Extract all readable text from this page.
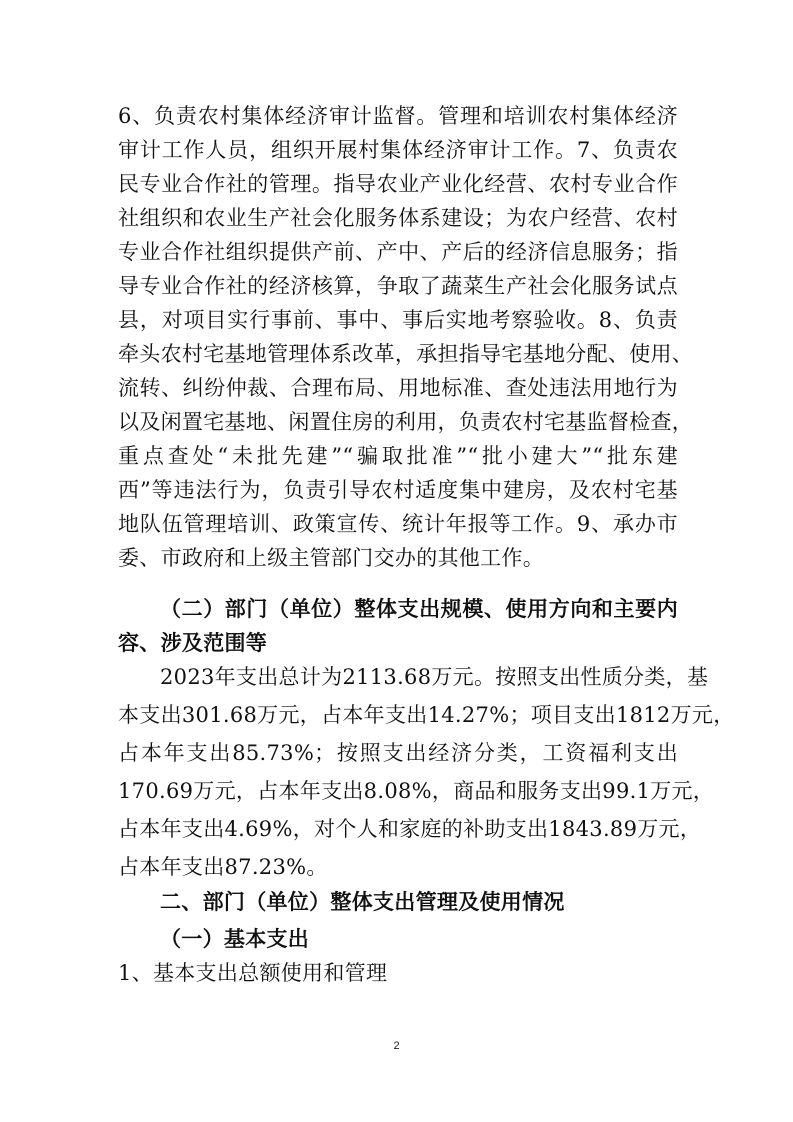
6、负责农村集体经济审计监督。管理和培训农村集体经济
审计工作人员，组织开展村集体经济审计工作。7、负责农
民专业合作社的管理。指导农业产业化经营、农村专业合作
社组织和农业生产社会化服务体系建设；为农户经营、农村
专业合作社组织提供产前、产中、产后的经济信息服务；指
导专业合作社的经济核算，争取了蔬菜生产社会化服务试点
县，对项目实行事前、事中、事后实地考察验收。8、负责
牵头农村宅基地管理体系改革，承担指导宅基地分配、使用、
流转、纠纷仲裁、合理布局、用地标准、查处违法用地行为
以及闲置宅基地、闲置住房的利用，负责农村宅基监督检查，
重点查处“未批先建”“骗取批准”“批小建大”“批东建
西”等违法行为，负责引导农村适度集中建房，及农村宅基
地队伍管理培训、政策宣传、统计年报等工作。9、承办市
委、市政府和上级主管部门交办的其他工作。
（二）部门（单位）整体支出规模、使用方向和主要内
容、涉及范围等
2023年支出总计为2113.68万元。按照支出性质分类，基
本支出301.68万元，占本年支出14.27%；项目支出1812万元，
占本年支出85.73%；按照支出经济分类，工资福利支出
170.69万元，占本年支出8.08%，商品和服务支出99.1万元，
占本年支出4.69%，对个人和家庭的补助支出1843.89万元，
占本年支出87.23%。
二、部门（单位）整体支出管理及使用情况
（一）基本支出
1、基本支出总额使用和管理
2
